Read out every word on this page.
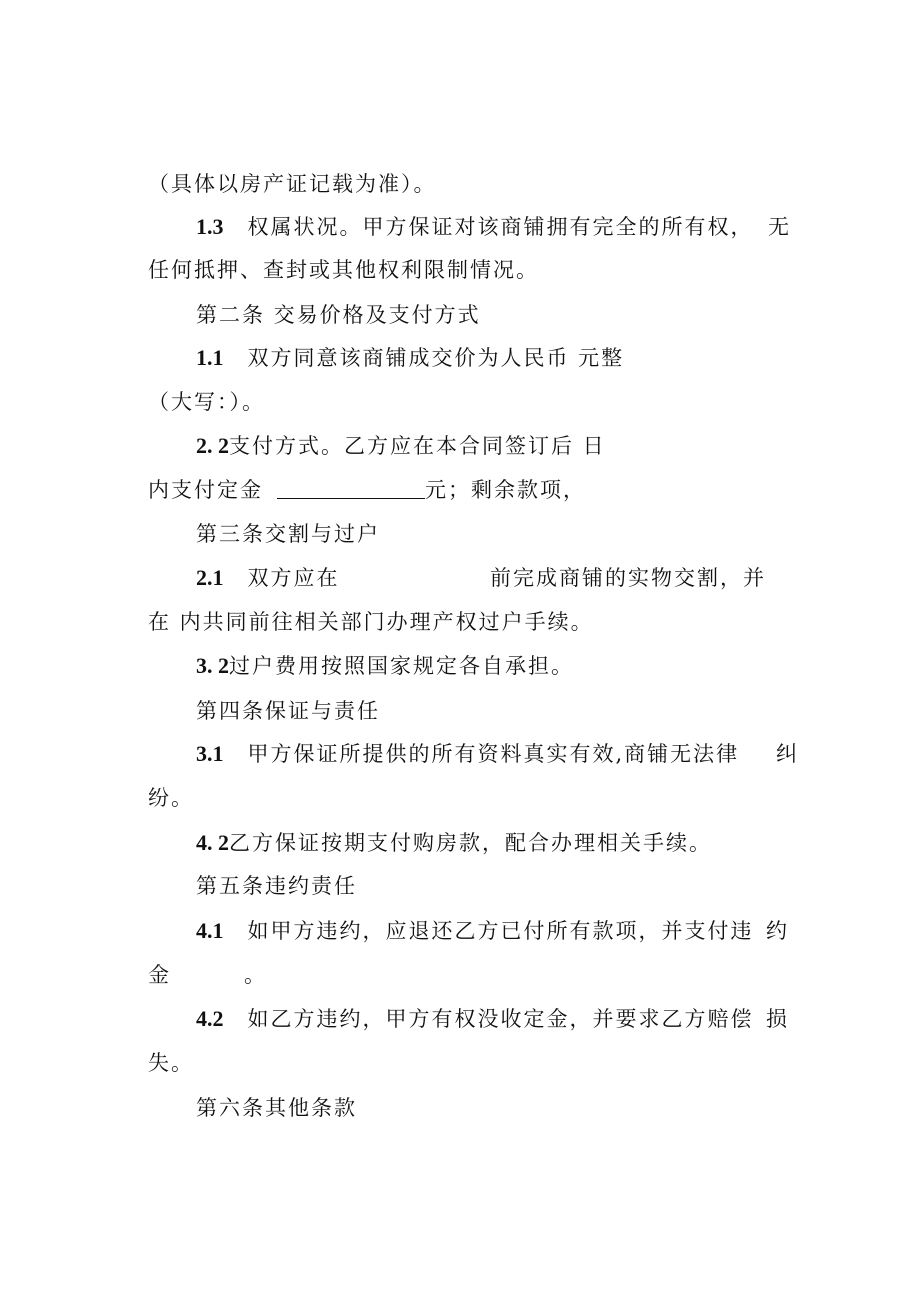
（具体以房产证记载为准）。
1.3 权属状况。甲方保证对该商铺拥有完全的所有权， 无
任何抵押、查封或其他权利限制情况。
第二条 交易价格及支付方式
1.1 双方同意该商铺成交价为人民币 元整
（大写：）。
2. 2支付方式。乙方应在本合同签订后 日
内支付定金	元；剩余款项，
第三条交割与过户
2.1 双方应在	前完成商铺的实物交割，并
在 内共同前往相关部门办理产权过户手续。
3. 2过户费用按照国家规定各自承担。
第四条保证与责任
3.1 甲方保证所提供的所有资料真实有效,商铺无法律 纠
纷。
4. 2乙方保证按期支付购房款，配合办理相关手续。
第五条违约责任
4.1 如甲方违约，应退还乙方已付所有款项，并支付违 约
金	。
4.2 如乙方违约，甲方有权没收定金，并要求乙方赔偿 损
失。
第六条其他条款
